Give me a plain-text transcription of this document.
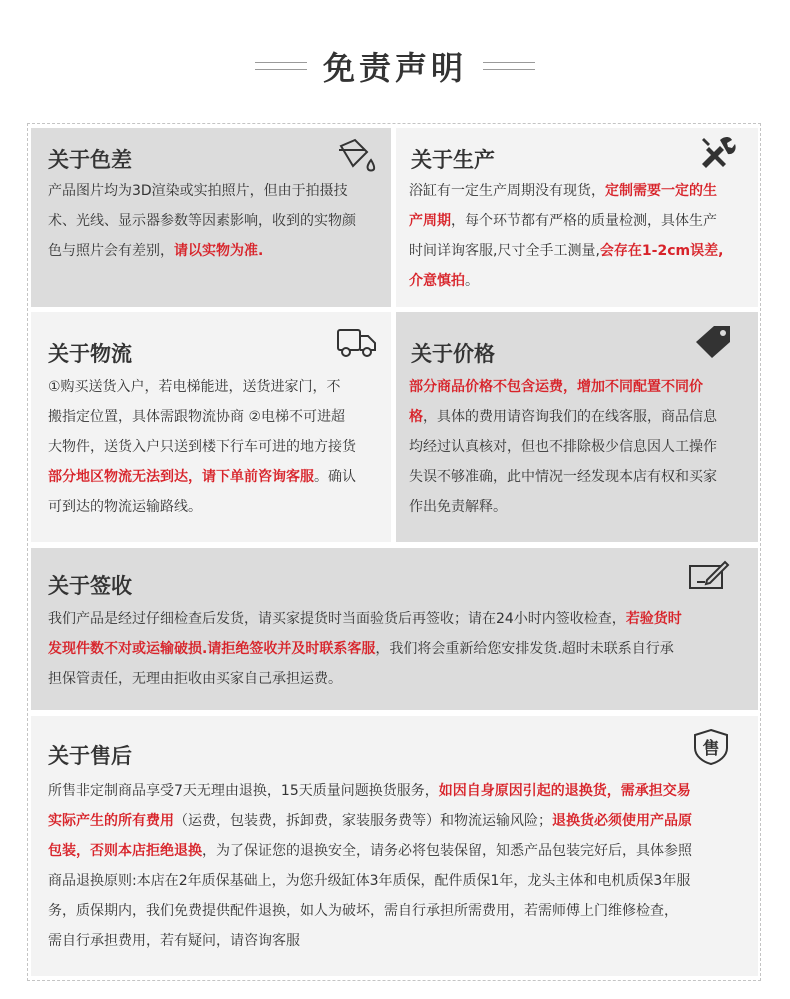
免责声明
关于色差
产品图片均为3D渲染或实拍照片，但由于拍摄技
术、光线、显示器参数等因素影响，收到的实物颜
色与照片会有差别，请以实物为准.
关于生产
浴缸有一定生产周期没有现货，定制需要一定的生
产周期，每个环节都有严格的质量检测，具体生产
时间详询客服,尺寸全手工测量,会存在1-2cm误差,
介意慎拍。
关于物流
①购买送货入户，若电梯能进，送货进家门，不
搬指定位置，具体需跟物流协商 ②电梯不可进超
大物件，送货入户只送到楼下行车可进的地方接货
部分地区物流无法到达，请下单前咨询客服。确认
可到达的物流运输路线。
关于价格
部分商品价格不包含运费，增加不同配置不同价
格，具体的费用请咨询我们的在线客服，商品信息
均经过认真核对，但也不排除极少信息因人工操作
失误不够准确，此中情况一经发现本店有权和买家
作出免责解释。
关于签收
我们产品是经过仔细检查后发货，请买家提货时当面验货后再签收；请在24小时内签收检查，若验货时
发现件数不对或运输破损.请拒绝签收并及时联系客服，我们将会重新给您安排发货.超时未联系自行承
担保管责任，无理由拒收由买家自己承担运费。
关于售后	售
所售非定制商品享受7天无理由退换，15天质量问题换货服务，如因自身原因引起的退换货，需承担交易
实际产生的所有费用（运费，包装费，拆卸费，家装服务费等）和物流运输风险；退换货必须使用产品原
包装，否则本店拒绝退换，为了保证您的退换安全，请务必将包装保留，知悉产品包装完好后，具体参照
商品退换原则:本店在2年质保基础上，为您升级缸体3年质保，配件质保1年，龙头主体和电机质保3年服
务，质保期内，我们免费提供配件退换，如人为破坏，需自行承担所需费用，若需师傅上门维修检查，
需自行承担费用，若有疑问，请咨询客服
